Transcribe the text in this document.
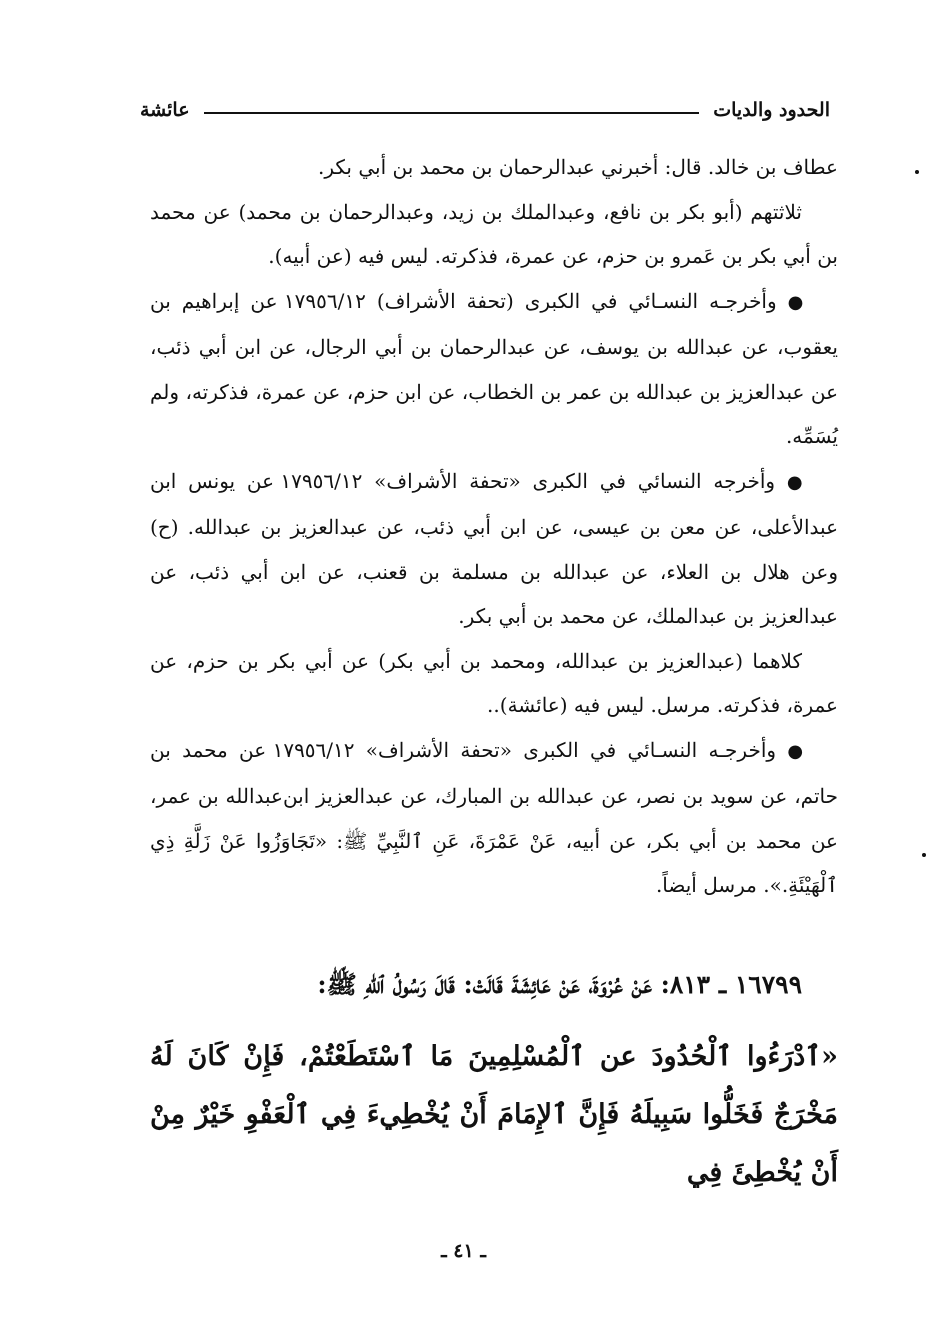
الحدود والديات
عائشة

عطاف بن خالد. قال: أخبرني عبدالرحمان بن محمد بن أبي بكر.

ثلاثتهم (أبو بكر بن نافع، وعبدالملك بن زيد، وعبدالرحمان بن محمد) عن محمد بن أبي بكر بن عَمرو بن حزم، عن عمرة، فذكرته. ليس فيه (عن أبيه).

● وأخرجـه النسـائي في الكبرى (تحفة الأشراف) ١٧٩٥٦/١٢ عن إبراهيم بن يعقوب، عن عبدالله بن يوسف، عن عبدالرحمان بن أبي الرجال، عن ابن أبي ذئب، عن عبدالعزيز بن عبدالله بن عمر بن الخطاب، عن ابن حزم، عن عمرة، فذكرته، ولم يُسَمِّه.

● وأخرجه النسائي في الكبرى «تحفة الأشراف» ١٧٩٥٦/١٢ عن يونس ابن عبدالأعلى، عن معن بن عيسى، عن ابن أبي ذئب، عن عبدالعزيز بن عبدالله. (ح) وعن هلال بن العلاء، عن عبدالله بن مسلمة بن قعنب، عن ابن أبي ذئب، عن عبدالعزيز بن عبدالملك، عن محمد بن أبي بكر.

كلاهما (عبدالعزيز بن عبدالله، ومحمد بن أبي بكر) عن أبي بكر بن حزم، عن عمرة، فذكرته. مرسل. ليس فيه (عائشة)..

● وأخرجـه النسـائي في الكبرى «تحفة الأشراف» ١٧٩٥٦/١٢ عن محمد بن حاتم، عن سويد بن نصر، عن عبدالله بن المبارك، عن عبدالعزيز ابن‌عبدالله بن عمر، عن محمد بن أبي بكر، عن أبيه، عَنْ عَمْرَةَ، عَنِ ٱلنَّبِيِّ ﷺ: «تَجَاوَزُوا عَنْ زَلَّةِ ذِي ٱلْهَيْئَةِ.». مرسل أيضاً.

١٦٧٩٩ ـ ٨١٣: عَنْ عُرْوَةَ، عَنْ عَائِشَةَ قَالَتْ: قَالَ رَسُولُ ٱللهِ ﷺ:

«ٱدْرَءُوا ٱلْحُدُودَ عن ٱلْمُسْلِمِينَ مَا ٱسْتَطَعْتُمْ، فَإِنْ كَانَ لَهُ مَخْرَجٌ فَخَلُّوا سَبِيلَهُ فَإِنَّ ٱلإِمَامَ أَنْ يُخْطِيءَ فِي ٱلْعَفْوِ خَيْرٌ مِنْ أَنْ يُخْطِئَ فِي

ـ ٤١ ـ
